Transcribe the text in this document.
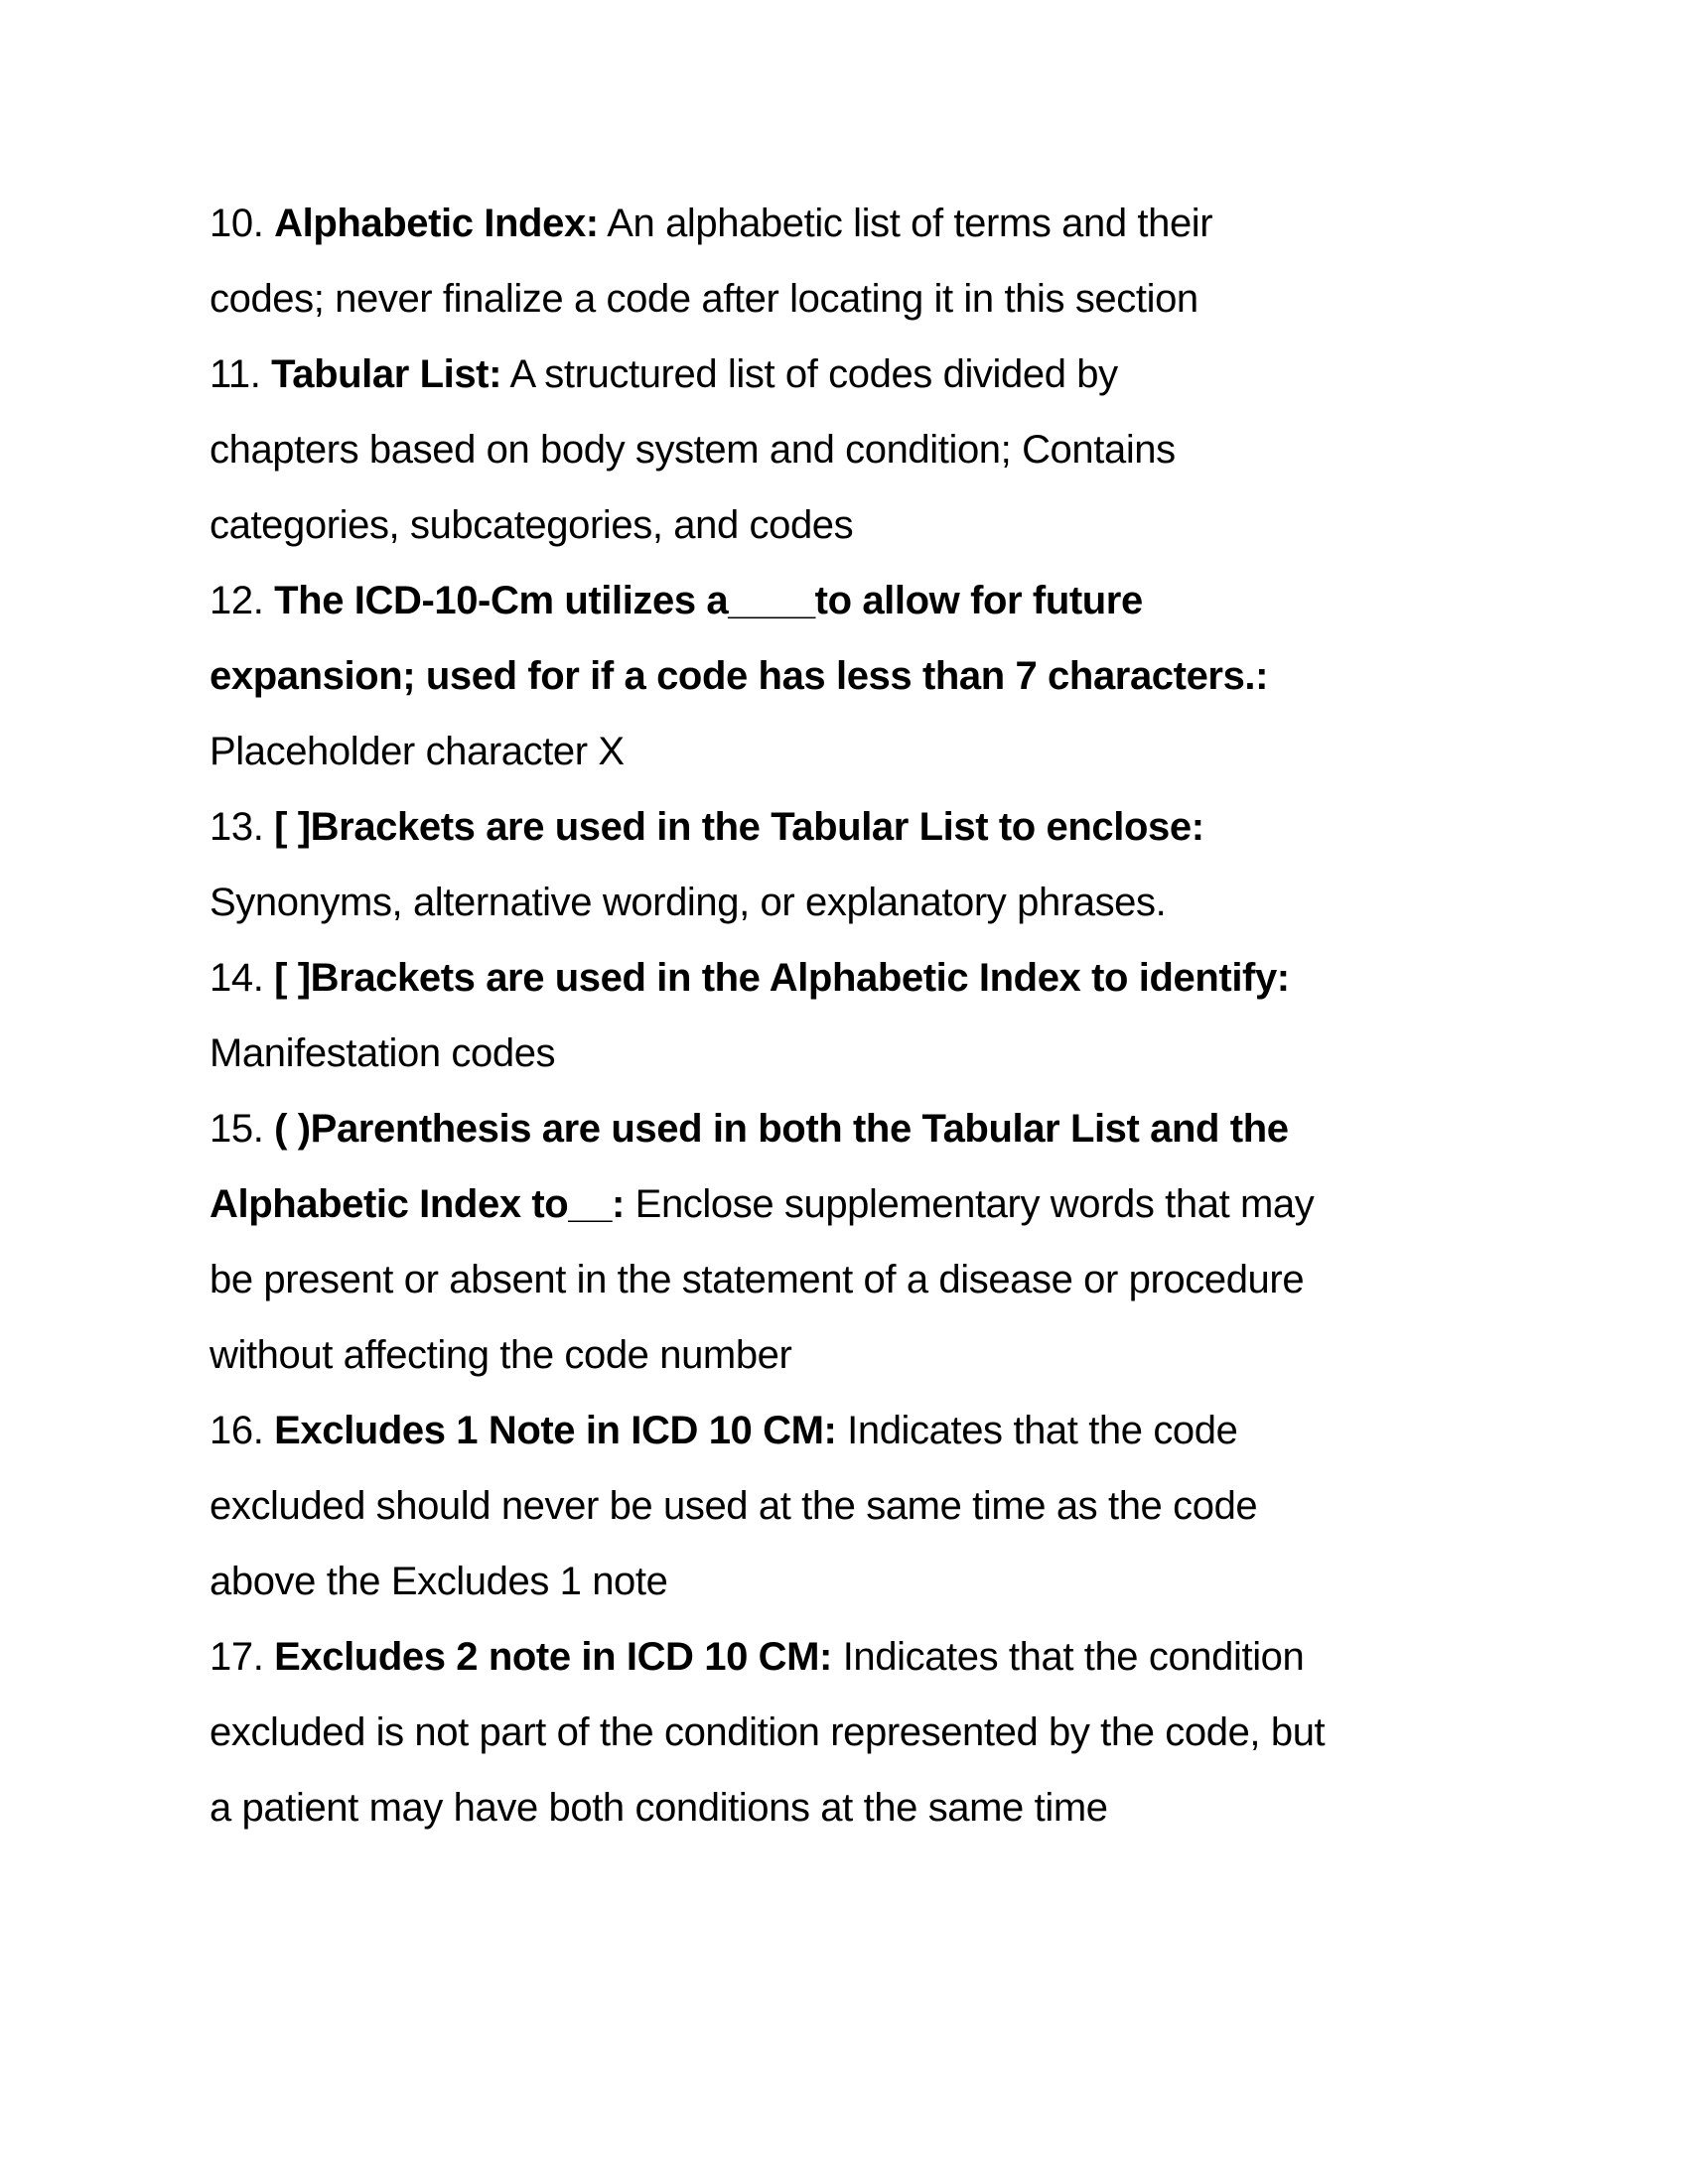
10. Alphabetic Index: An alphabetic list of terms and their
codes; never finalize a code after locating it in this section
11. Tabular List: A structured list of codes divided by
chapters based on body system and condition; Contains
categories, subcategories, and codes
12. The ICD-10-Cm utilizes a____to allow for future
expansion; used for if a code has less than 7 characters.:
Placeholder character X
13. [ ]Brackets are used in the Tabular List to enclose:
Synonyms, alternative wording, or explanatory phrases.
14. [ ]Brackets are used in the Alphabetic Index to identify:
Manifestation codes
15. ( )Parenthesis are used in both the Tabular List and the
Alphabetic Index to__: Enclose supplementary words that may
be present or absent in the statement of a disease or procedure
without affecting the code number
16. Excludes 1 Note in ICD 10 CM: Indicates that the code
excluded should never be used at the same time as the code
above the Excludes 1 note
17. Excludes 2 note in ICD 10 CM: Indicates that the condition
excluded is not part of the condition represented by the code, but
a patient may have both conditions at the same time
